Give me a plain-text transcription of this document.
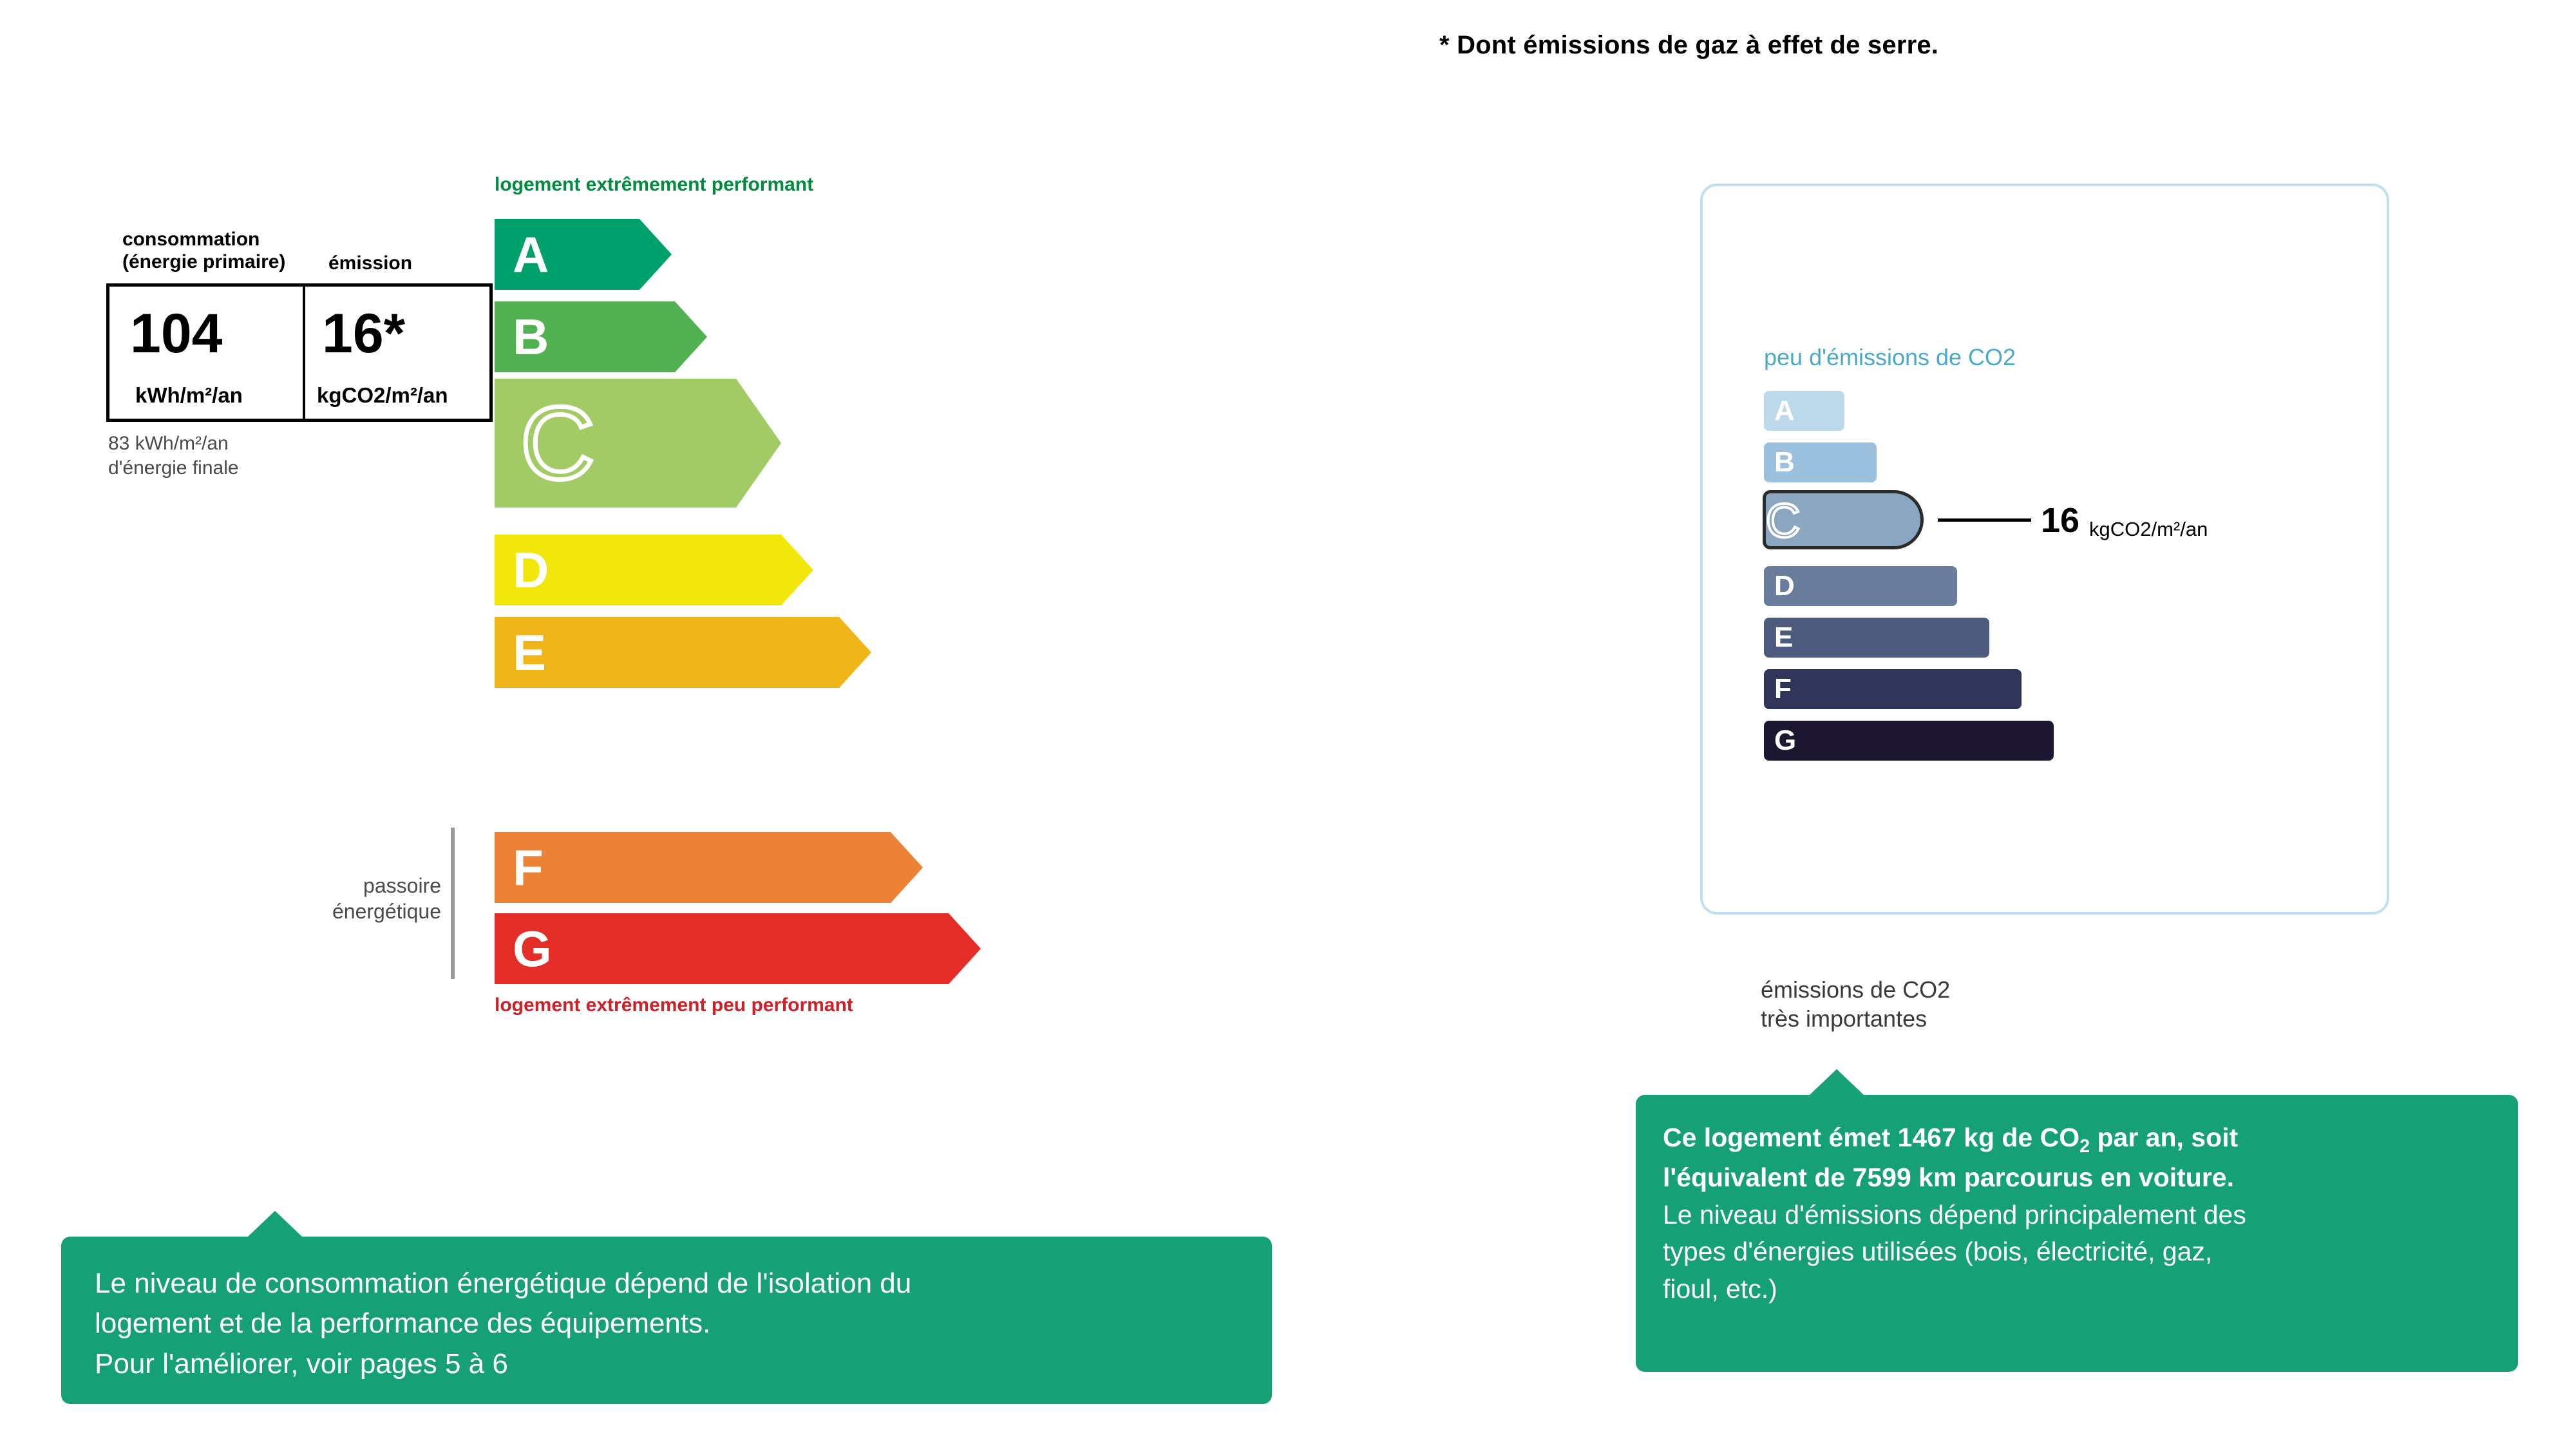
* Dont émissions de gaz à effet de serre.
logement extrêmement performant
logement extrêmement peu performant
A
B
C
D
E
F
G
consommation
(énergie primaire) émission
104
kWh/m²/an
16*
kgCO2/m²/an
83 kWh/m²/an
d'énergie finale
passoire
énergétique
peu d'émissions de CO2
A
B
C
D
E
F
G
16 kgCO2/m²/an
émissions de CO2
très importantes

Le niveau de consommation énergétique dépend de l'isolation du

logement et de la performance des équipements.

Pour l'améliorer, voir pages 5 à 6

Ce logement émet 1467 kg de $CO_2$ par an, soit

l'équivalent de 7599 km parcourus en voiture.

Le niveau d'émissions dépend principalement des

types d'énergies utilisées (bois, électricité, gaz,

fioul, etc.)
